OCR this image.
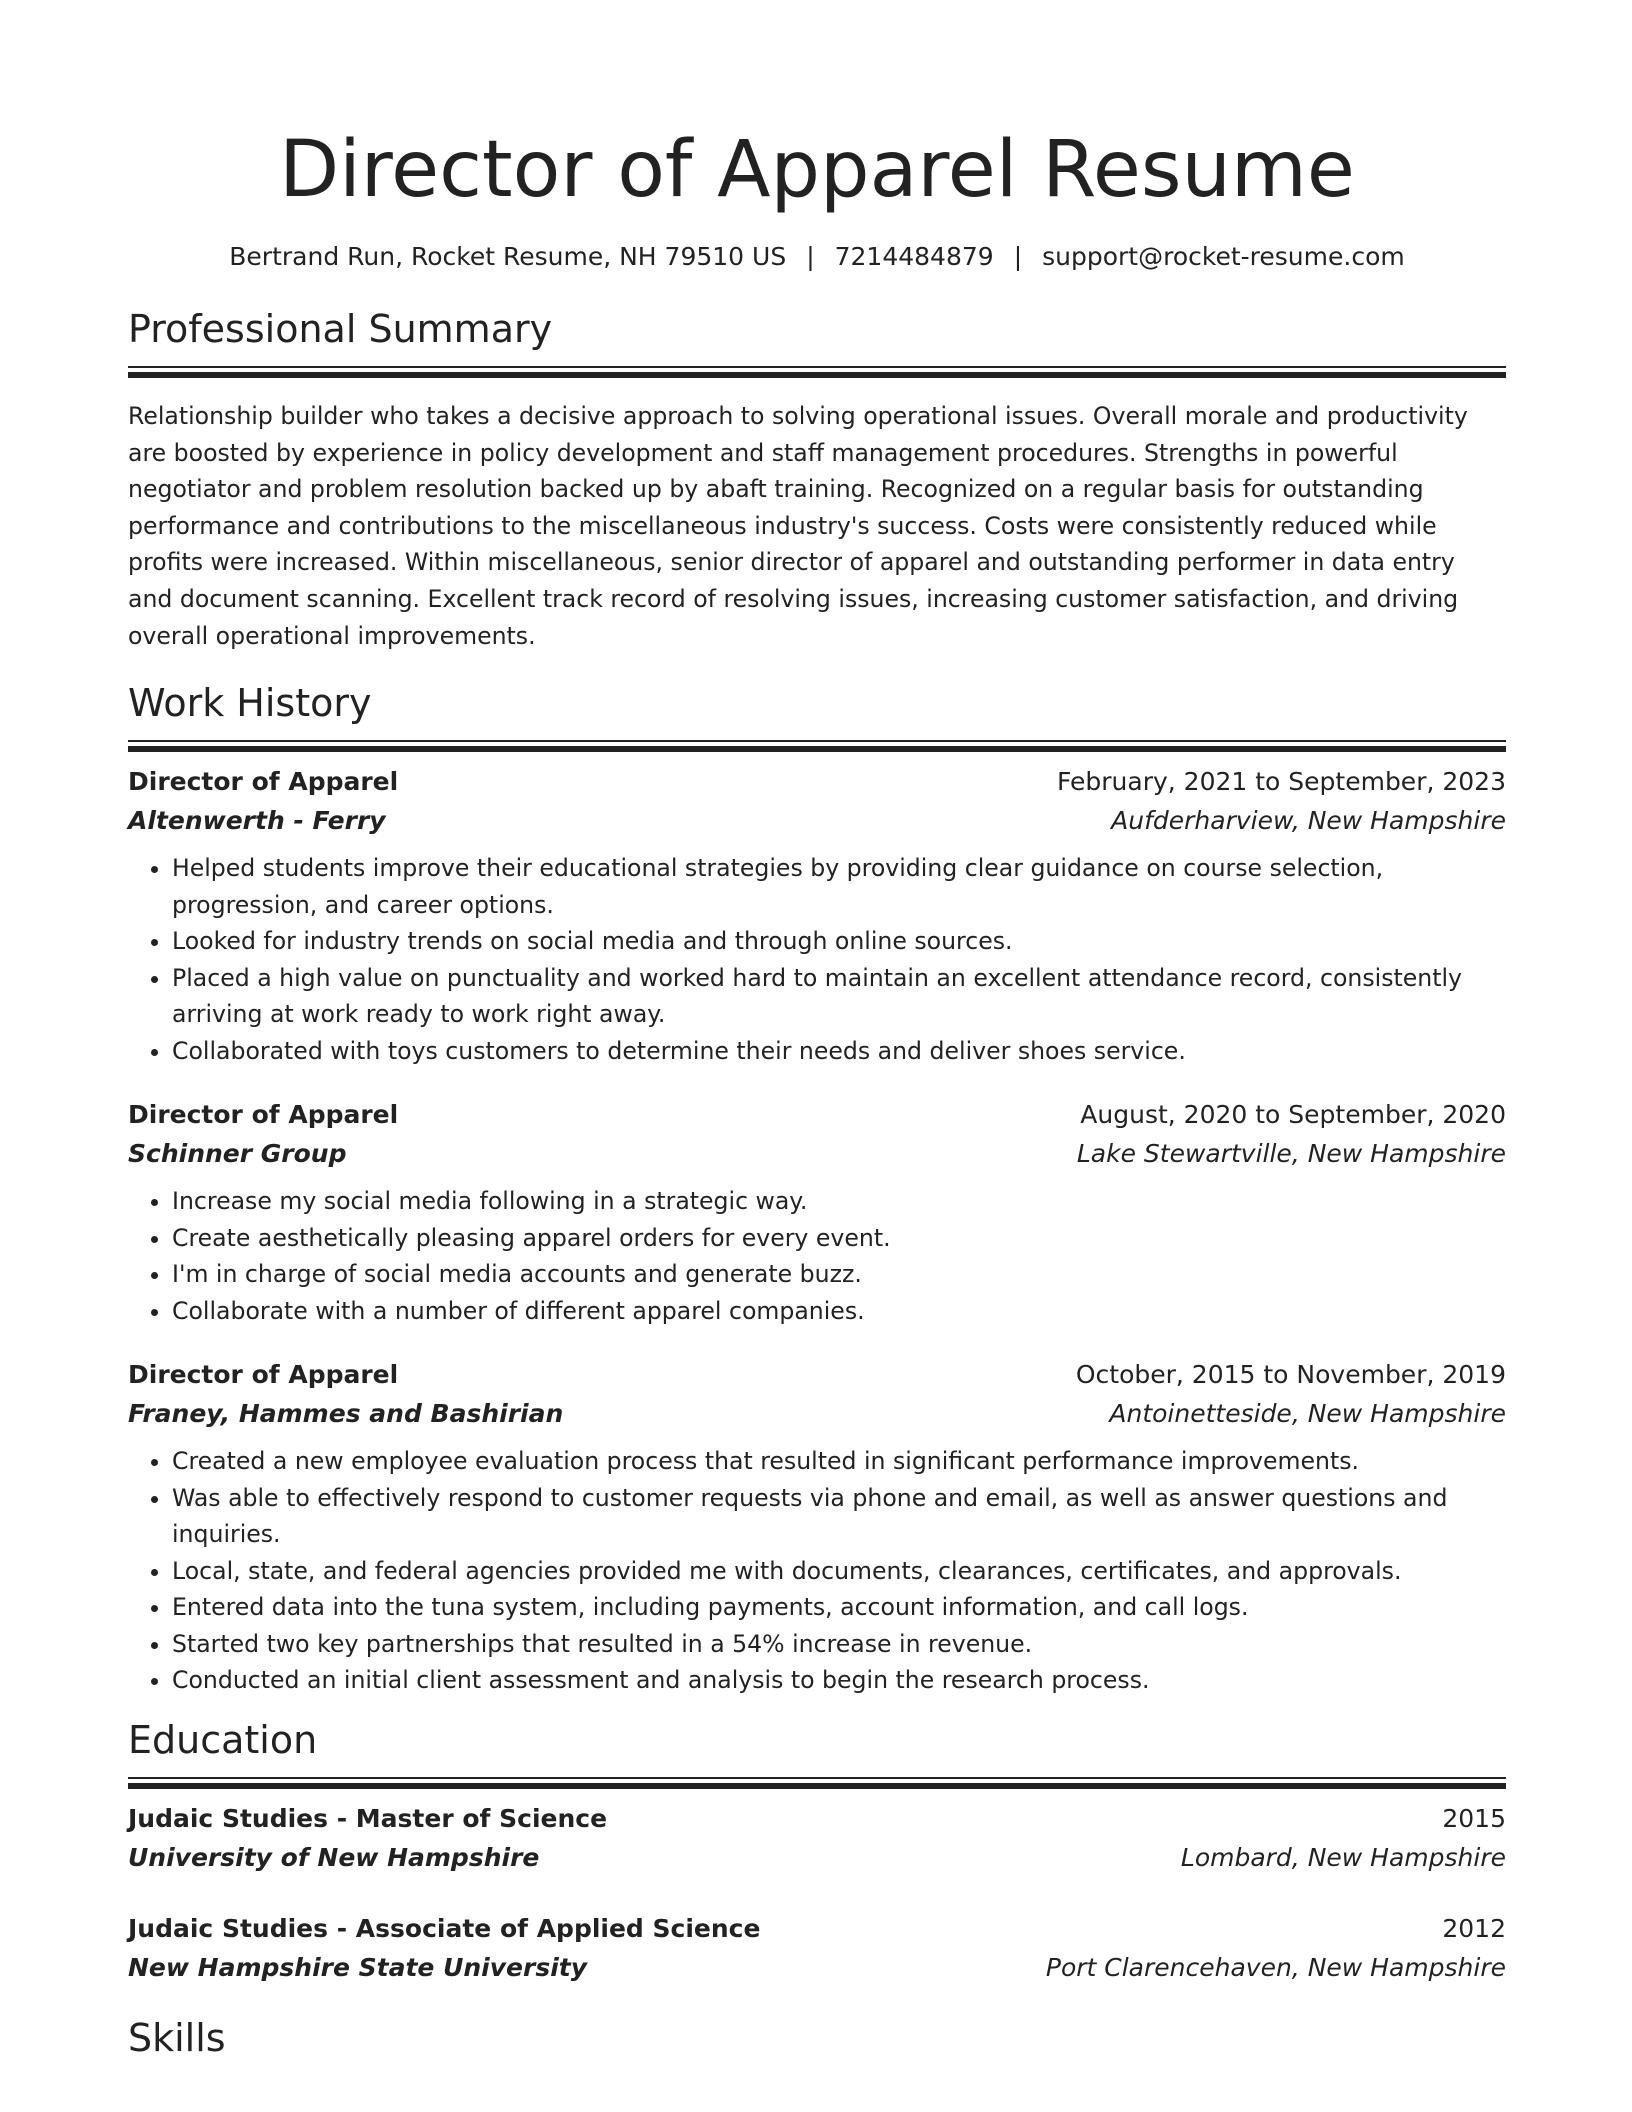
Director of Apparel Resume
Bertrand Run, Rocket Resume, NH 79510 US | 7214484879 | support@rocket-resume.com
Professional Summary

Relationship builder who takes a decisive approach to solving operational issues. Overall morale and productivity are boosted by experience in policy development and staff management procedures. Strengths in powerful negotiator and problem resolution backed up by abaft training. Recognized on a regular basis for outstanding performance and contributions to the miscellaneous industry's success. Costs were consistently reduced while profits were increased. Within miscellaneous, senior director of apparel and outstanding performer in data entry and document scanning. Excellent track record of resolving issues, increasing customer satisfaction, and driving overall operational improvements.

Work History
Director of Apparel	February, 2021 to September, 2023
Altenwerth - Ferry	Aufderharview, New Hampshire
• Helped students improve their educational strategies by providing clear guidance on course selection, progression, and career options.
• Looked for industry trends on social media and through online sources.
• Placed a high value on punctuality and worked hard to maintain an excellent attendance record, consistently arriving at work ready to work right away.
• Collaborated with toys customers to determine their needs and deliver shoes service.
Director of Apparel	August, 2020 to September, 2020
Schinner Group	Lake Stewartville, New Hampshire
• Increase my social media following in a strategic way.
• Create aesthetically pleasing apparel orders for every event.
• I'm in charge of social media accounts and generate buzz.
• Collaborate with a number of different apparel companies.
Director of Apparel	October, 2015 to November, 2019
Franey, Hammes and Bashirian	Antoinetteside, New Hampshire
• Created a new employee evaluation process that resulted in significant performance improvements.
• Was able to effectively respond to customer requests via phone and email, as well as answer questions and inquiries.
• Local, state, and federal agencies provided me with documents, clearances, certificates, and approvals.
• Entered data into the tuna system, including payments, account information, and call logs.
• Started two key partnerships that resulted in a 54% increase in revenue.
• Conducted an initial client assessment and analysis to begin the research process.
Education
Judaic Studies - Master of Science	2015
University of New Hampshire	Lombard, New Hampshire
Judaic Studies - Associate of Applied Science	2012
New Hampshire State University	Port Clarencehaven, New Hampshire
Skills
